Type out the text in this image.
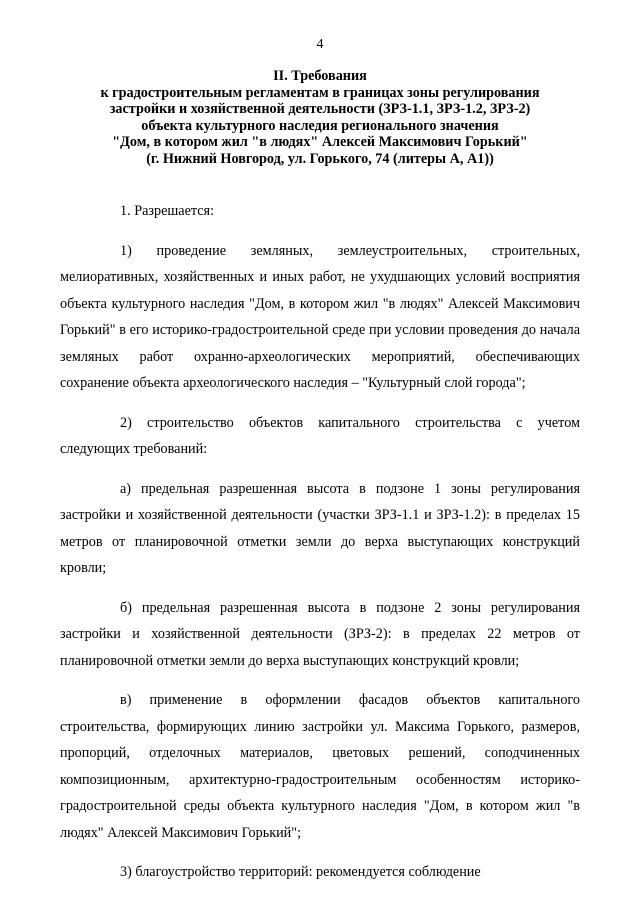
4
II. Требования
к градостроительным регламентам в границах зоны регулирования
застройки и хозяйственной деятельности (ЗРЗ-1.1, ЗРЗ-1.2, ЗРЗ-2)
объекта культурного наследия регионального значения
"Дом, в котором жил "в людях" Алексей Максимович Горький"
(г. Нижний Новгород, ул. Горького, 74 (литеры А, А1))

1. Разрешается:

1) проведение земляных, землеустроительных, строительных, мелиоративных, хозяйственных и иных работ, не ухудшающих условий восприятия объекта культурного наследия "Дом, в котором жил "в людях" Алексей Максимович Горький" в его историко-градостроительной среде при условии проведения до начала земляных работ охранно-археологических мероприятий, обеспечивающих сохранение объекта археологического наследия – "Культурный слой города";

2) строительство объектов капитального строительства с учетом следующих требований:

а) предельная разрешенная высота в подзоне 1 зоны регулирования застройки и хозяйственной деятельности (участки ЗРЗ-1.1 и ЗРЗ-1.2): в пределах 15 метров от планировочной отметки земли до верха выступающих конструкций кровли;

б) предельная разрешенная высота в подзоне 2 зоны регулирования застройки и хозяйственной деятельности (ЗРЗ-2): в пределах 22 метров от планировочной отметки земли до верха выступающих конструкций кровли;

в) применение в оформлении фасадов объектов капитального строительства, формирующих линию застройки ул. Максима Горького, размеров, пропорций, отделочных материалов, цветовых решений, соподчиненных композиционным, архитектурно-градостроительным особенностям историко-градостроительной среды объекта культурного наследия "Дом, в котором жил "в людях" Алексей Максимович Горький";

3) благоустройство территорий: рекомендуется соблюдение
